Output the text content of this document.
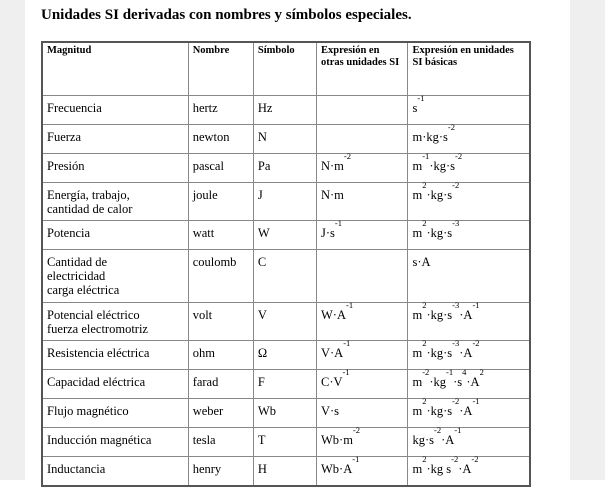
Unidades SI derivadas con nombres y símbolos especiales.
Magnitud	Nombre	Símbolo	Expresión en otras unidades SI	Expresión en unidades SI básicas
Frecuencia	hertz	Hz		$s^{-1}$
Fuerza	newton	N		$m\cdot kg\cdot s^{-2}$
Presión	pascal	Pa	$N\cdot m^{-2}$	$m^{-1}\cdot kg\cdot s^{-2}$
Energía, trabajo,
cantidad de calor	joule	J	N·m	$m^2\cdot kg\cdot s^{-2}$
Potencia	watt	W	$J\cdot s^{-1}$	$m^2\cdot kg\cdot s^{-3}$
Cantidad de
electricidad
carga eléctrica	coulomb	C		s·A
Potencial eléctrico
fuerza electromotriz	volt	V	$W\cdot A^{-1}$	$m^2\cdot kg\cdot s^{-3}\cdot A^{-1}$
Resistencia eléctrica	ohm	Ω	$V\cdot A^{-1}$	$m^2\cdot kg\cdot s^{-3}\cdot A^{-2}$
Capacidad eléctrica	farad	F	$C\cdot V^{-1}$	$m^{-2}\cdot kg^{-1}\cdot s^4\cdot A^2$
Flujo magnético	weber	Wb	V·s	$m^2\cdot kg\cdot s^{-2}\cdot A^{-1}$
Inducción magnética	tesla	T	$Wb\cdot m^{-2}$	$kg\cdot s^{-2}\cdot A^{-1}$
Inductancia	henry	H	$Wb\cdot A^{-1}$	$m^2\cdot kg$ $s^{-2}\cdot A^{-2}$
